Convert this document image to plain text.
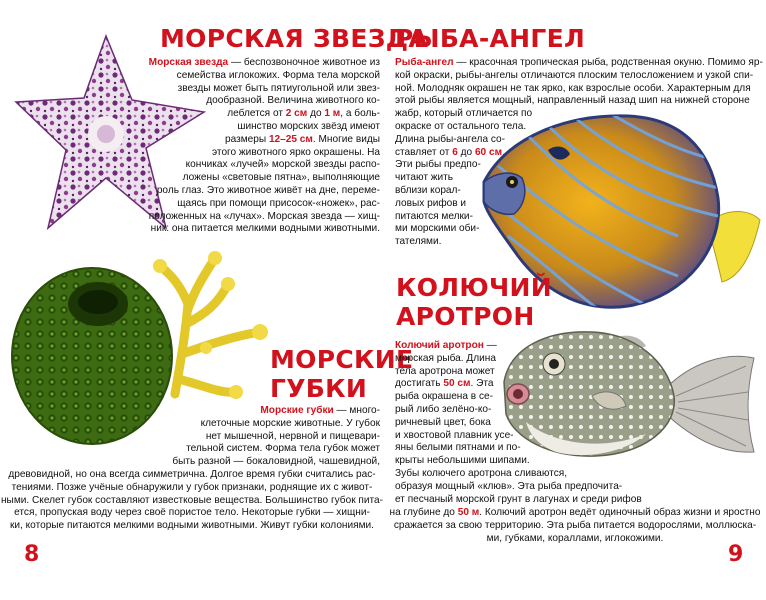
МОРСКАЯ ЗВЕЗДА

Морская звезда — беспозвоночное животное из

семейства иглокожих. Форма тела морской

звезды может быть пятиугольной или звез-

дообразной. Величина животного ко-

леблется от 2 см до 1 м, а боль-

шинство морских звёзд имеют

размеры 12–25 см. Многие виды

этого животного ярко окрашены. На

кончиках «лучей» морской звезды распо-

ложены «световые пятна», выполняющие

роль глаз. Это животное живёт на дне, переме-

щаясь при помощи присосок-«ножек», рас-

положенных на «лучах». Морская звезда — хищ-

ник: она питается мелкими водными животными.

МОРСКИЕ
ГУБКИ

Морские губки — много-

клеточные морские животные. У губок

нет мышечной, нервной и пищевари-

тельной систем. Форма тела губок может

быть разной — бокаловидной, чашевидной,

древовидной, но она всегда симметрична. Долгое время губки считались рас-

тениями. Позже учёные обнаружили у губок признаки, роднящие их с живот-

ными. Скелет губок составляют известковые вещества. Большинство губок пита-

ется, пропуская воду через своё пористое тело. Некоторые губки — хищни-

ки, которые питаются мелкими водными животными. Живут губки колониями.

8
РЫБА-АНГЕЛ

Рыба-ангел — красочная тропическая рыба, родственная окуню. Помимо яр-

кой окраски, рыбы-ангелы отличаются плоским телосложением и узкой спи-

ной. Молодняк окрашен не так ярко, как взрослые особи. Характерным для

этой рыбы является мощный, направленный назад шип на нижней стороне

жабр, который отличается по

окраске от остального тела.

Длина рыбы-ангела со-

ставляет от 6 до 60 см.

Эти рыбы предпо-

читают жить

вблизи корал-

ловых рифов и

питаются мелки-

ми морскими оби-

тателями.

КОЛЮЧИЙ
АРОТРОН

Колючий аротрон —

морская рыба. Длина

тела аротрона может

достигать 50 см. Эта

рыба окрашена в се-

рый либо зелёно-ко-

ричневый цвет, бока

и хвостовой плавник усе-

яны белыми пятнами и по-

крыты небольшими шипами.

Зубы колючего аротрона сливаются,

образуя мощный «клюв». Эта рыба предпочита-

ет песчаный морской грунт в лагунах и среди рифов

на глубине до 50 м. Колючий аротрон ведёт одиночный образ жизни и яростно

сражается за свою территорию. Эта рыба питается водорослями, моллюска-

ми, губками, кораллами, иглокожими.

9
